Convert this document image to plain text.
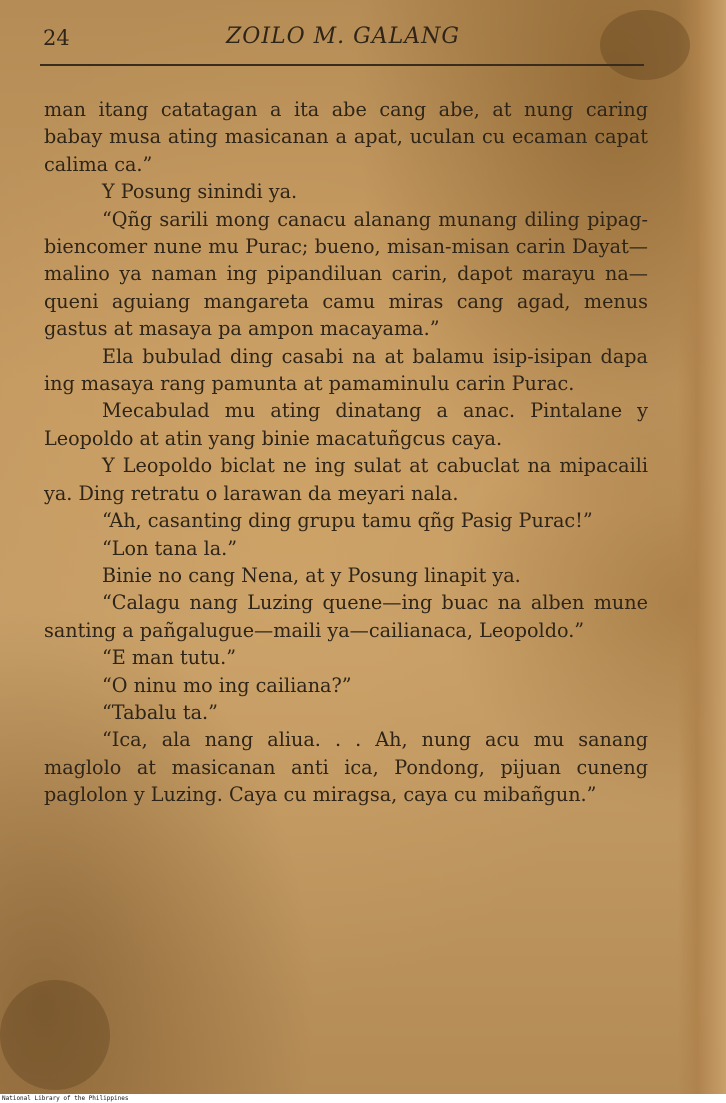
24	ZOILO M. GALANG

man itang catatagan a ita abe cang abe, at nung caring babay musa ating masicanan a apat, uculan cu ecaman capat calima ca.”

Y Posung sinindi ya.

“Qñg sarili mong canacu alanang munang diling pipag-biencomer nune mu Purac; bueno, misan-misan carin Dayat—malino ya naman ing pipandiluan carin, dapot marayu na—queni aguiang mangareta camu miras cang agad, menus gastus at masaya pa ampon macayama.”

Ela bubulad ding casabi na at balamu isip-isipan dapa ing masaya rang pamunta at pamaminulu carin Purac.

Mecabulad mu ating dinatang a anac. Pintalane y Leopoldo at atin yang binie macatuñgcus caya.

Y Leopoldo biclat ne ing sulat at cabuclat na mipacaili ya. Ding retratu o larawan da meyari nala.

“Ah, casanting ding grupu tamu qñg Pasig Purac!”

“Lon tana la.”

Binie no cang Nena, at y Posung linapit ya.

“Calagu nang Luzing quene—ing buac na alben mune santing a pañgalugue—maili ya—cailianaca, Leopoldo.”

“E man tutu.”

“O ninu mo ing cailiana?”

“Tabalu ta.”

“Ica, ala nang aliua. . . Ah, nung acu mu sanang maglolo at masicanan anti ica, Pondong, pijuan cuneng paglolon y Luzing. Caya cu miragsa, caya cu mibañgun.”

National Library of the Philippines
